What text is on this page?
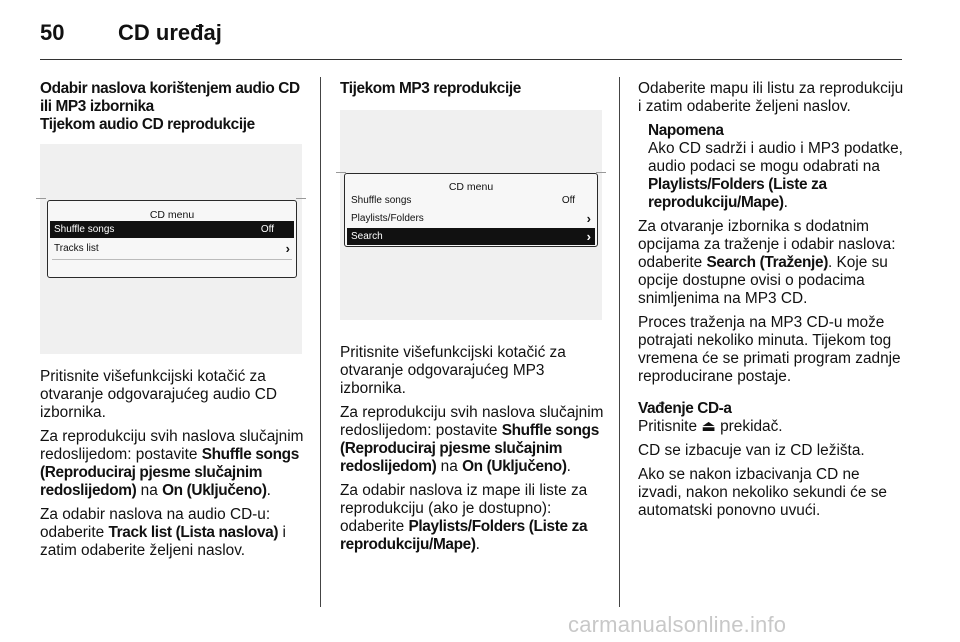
50 CD uređaj

Odabir naslova korištenjem audio CD ili MP3 izbornika

Tijekom audio CD reprodukcije

CD menu
Shuffle songs	Off
Tracks list	›

Pritisnite višefunkcijski kotačić za otvaranje odgovarajućeg audio CD izbornika.

Za reprodukciju svih naslova slučajnim redoslijedom: postavite Shuffle songs (Reproduciraj pjesme slučajnim redoslijedom) na On (Uključeno).

Za odabir naslova na audio CD-u: odaberite Track list (Lista naslova) i zatim odaberite željeni naslov.

Tijekom MP3 reprodukcije

CD menu
Shuffle songs	Off
Playlists/Folders	›
Search	›

Pritisnite višefunkcijski kotačić za otvaranje odgovarajućeg MP3 izbornika.

Za reprodukciju svih naslova slučajnim redoslijedom: postavite Shuffle songs (Reproduciraj pjesme slučajnim redoslijedom) na On (Uključeno).

Za odabir naslova iz mape ili liste za reprodukciju (ako je dostupno): odaberite Playlists/Folders (Liste za reprodukciju/Mape).

Odaberite mapu ili listu za reprodukciju i zatim odaberite željeni naslov.

Napomena
Ako CD sadrži i audio i MP3 podatke, audio podaci se mogu odabrati na Playlists/Folders (Liste za reprodukciju/Mape).

Za otvaranje izbornika s dodatnim opcijama za traženje i odabir naslova: odaberite Search (Traženje). Koje su opcije dostupne ovisi o podacima snimljenima na MP3 CD.

Proces traženja na MP3 CD-u može potrajati nekoliko minuta. Tijekom tog vremena će se primati program zadnje reproducirane postaje.

Vađenje CD-a

Pritisnite ⏏ prekidač.

CD se izbacuje van iz CD ležišta.

Ako se nakon izbacivanja CD ne izvadi, nakon nekoliko sekundi će se automatski ponovno uvući.

carmanualsonline.info
